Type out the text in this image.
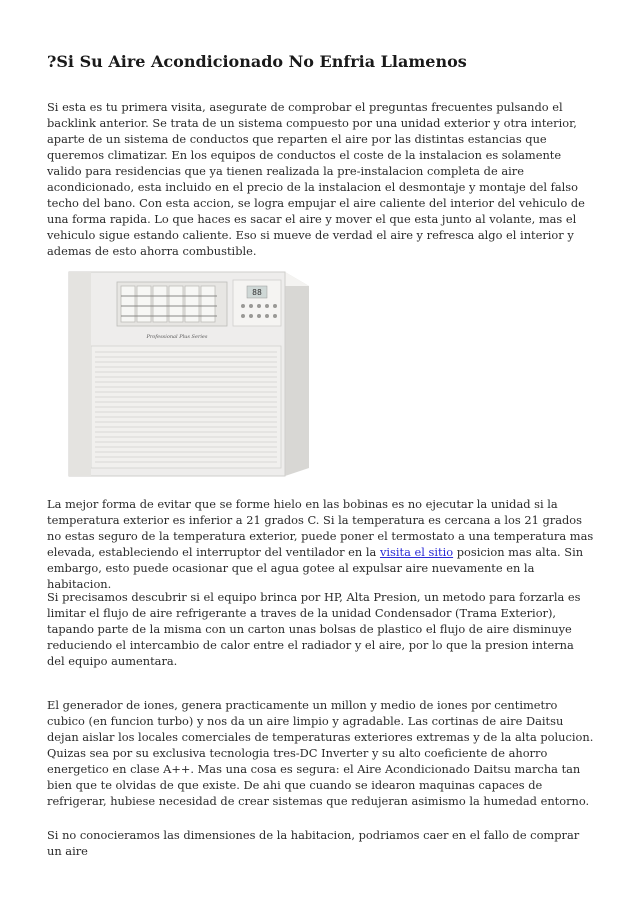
?Si Su Aire Acondicionado No Enfria Llamenos

Si esta es tu primera visita, asegurate de comprobar el preguntas frecuentes pulsando el backlink anterior. Se trata de un sistema compuesto por una unidad exterior y otra interior, aparte de un sistema de conductos que reparten el aire por las distintas estancias que queremos climatizar. En los equipos de conductos el coste de la instalacion es solamente valido para residencias que ya tienen realizada la pre-instalacion completa de aire acondicionado, esta incluido en el precio de la instalacion el desmontaje y montaje del falso techo del bano. Con esta accion, se logra empujar el aire caliente del interior del vehiculo de una forma rapida. Lo que haces es sacar el aire y mover el que esta junto al volante, mas el vehiculo sigue estando caliente. Eso si mueve de verdad el aire y refresca algo el interior y ademas de esto ahorra combustible.

La mejor forma de evitar que se forme hielo en las bobinas es no ejecutar la unidad si la temperatura exterior es inferior a 21 grados C. Si la temperatura es cercana a los 21 grados no estas seguro de la temperatura exterior, puede poner el termostato a una temperatura mas elevada, estableciendo el interruptor del ventilador en la visita el sitio posicion mas alta. Sin embargo, esto puede ocasionar que el agua gotee al expulsar aire nuevamente en la habitacion.

Si precisamos descubrir si el equipo brinca por HP, Alta Presion, un metodo para forzarla es limitar el flujo de aire refrigerante a traves de la unidad Condensador (Trama Exterior), tapando parte de la misma con un carton unas bolsas de plastico el flujo de aire disminuye reduciendo el intercambio de calor entre el radiador y el aire, por lo que la presion interna del equipo aumentara.

El generador de iones, genera practicamente un millon y medio de iones por centimetro cubico (en funcion turbo) y nos da un aire limpio y agradable. Las cortinas de aire Daitsu dejan aislar los locales comerciales de temperaturas exteriores extremas y de la alta polucion. Quizas sea por su exclusiva tecnologia tres-DC Inverter y su alto coeficiente de ahorro energetico en clase A++. Mas una cosa es segura: el Aire Acondicionado Daitsu marcha tan bien que te olvidas de que existe. De ahi que cuando se idearon maquinas capaces de refrigerar, hubiese necesidad de crear sistemas que redujeran asimismo la humedad entorno.

Si no conocieramos las dimensiones de la habitacion, podriamos caer en el fallo de comprar un aire

88
Professional Plus Series
